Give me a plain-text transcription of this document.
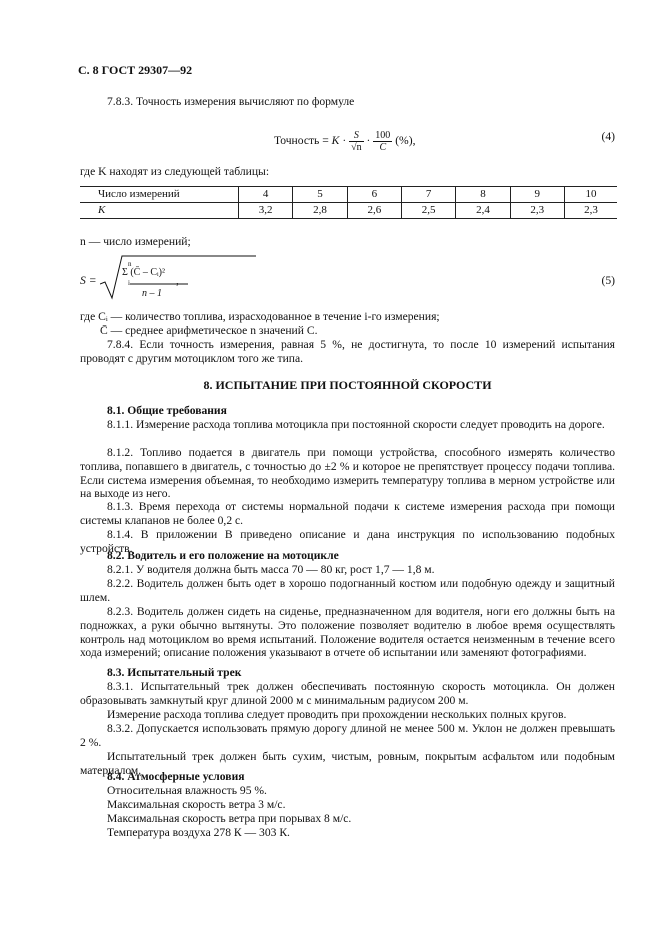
С. 8 ГОСТ 29307—92
7.8.3. Точность измерения вычисляют по формуле
Точность = $K \cdot \frac{S}{√n} \cdot \frac{100}{C}$ (%),	(4)
где K находят из следующей таблицы:
Число измерений	4	5	6	7	8	9	10
K	3,2	2,8	2,6	2,5	2,4	2,3	2,3
n — число измерений;
S =
n
Σ (C̄ – Cᵢ)²
i
n – 1
,	(5)
где Cᵢ — количество топлива, израсходованное в течение i-го измерения;
C̄ — среднее арифметическое n значений C.
7.8.4. Если точность измерения, равная 5 %, не достигнута, то после 10 измерений испытания проводят с другим мотоциклом того же типа.
8. ИСПЫТАНИЕ ПРИ ПОСТОЯННОЙ СКОРОСТИ
8.1. Общие требования
8.1.1. Измерение расхода топлива мотоцикла при постоянной скорости следует проводить на дороге.
8.1.2. Топливо подается в двигатель при помощи устройства, способного измерять количество топлива, попавшего в двигатель, с точностью до ±2 % и которое не препятствует процессу подачи топлива. Если система измерения объемная, то необходимо измерить температуру топлива в мерном устройстве или на выходе из него.
8.1.3. Время перехода от системы нормальной подачи к системе измерения расхода при помощи системы клапанов не более 0,2 с.
8.1.4. В приложении В приведено описание и дана инструкция по использованию подобных устройств.
8.2. Водитель и его положение на мотоцикле
8.2.1. У водителя должна быть масса 70 — 80 кг, рост 1,7 — 1,8 м.
8.2.2. Водитель должен быть одет в хорошо подогнанный костюм или подобную одежду и защитный шлем.
8.2.3. Водитель должен сидеть на сиденье, предназначенном для водителя, ноги его должны быть на подножках, а руки обычно вытянуты. Это положение позволяет водителю в любое время осуществлять контроль над мотоциклом во время испытаний. Положение водителя остается неизменным в течение всего хода измерений; описание положения указывают в отчете об испытании или заменяют фотографиями.
8.3. Испытательный трек
8.3.1. Испытательный трек должен обеспечивать постоянную скорость мотоцикла. Он должен образовывать замкнутый круг длиной 2000 м с минимальным радиусом 200 м.
Измерение расхода топлива следует проводить при прохождении нескольких полных кругов.
8.3.2. Допускается использовать прямую дорогу длиной не менее 500 м. Уклон не должен превышать 2 %.
Испытательный трек должен быть сухим, чистым, ровным, покрытым асфальтом или подобным материалом.
8.4. Атмосферные условия
Относительная влажность 95 %.
Максимальная скорость ветра 3 м/с.
Максимальная скорость ветра при порывах 8 м/с.
Температура воздуха 278 К — 303 К.
